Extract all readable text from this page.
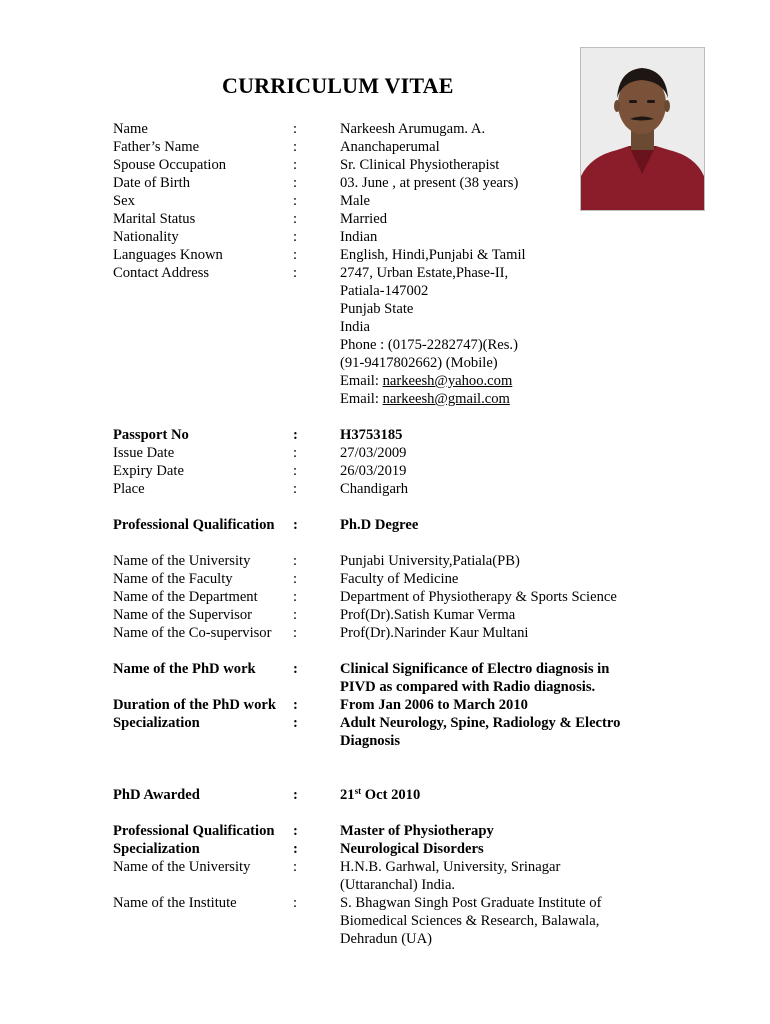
CURRICULUM VITAE
Name	:	Narkeesh Arumugam. A.
Father’s Name	:	Ananchaperumal
Spouse Occupation	:	Sr. Clinical Physiotherapist
Date of Birth	:	03. June , at present (38 years)
Sex	:	Male
Marital Status	:	Married
Nationality	:	Indian
Languages Known	:	English, Hindi,Punjabi & Tamil
Contact Address	:	2747, Urban Estate,Phase-II,
Patiala-147002
Punjab State
India
Phone : (0175-2282747)(Res.)
(91-9417802662) (Mobile)
Email: narkeesh@yahoo.com
Email: narkeesh@gmail.com
Passport No	:	H3753185
Issue Date	:	27/03/2009
Expiry Date	:	26/03/2019
Place	:	Chandigarh
Professional Qualification :	Ph.D Degree
Name of the University	:	Punjabi University,Patiala(PB)
Name of the Faculty	:	Faculty of Medicine
Name of the Department :	Department of Physiotherapy & Sports Science
Name of the Supervisor	:	Prof(Dr).Satish Kumar Verma
Name of the Co-supervisor :	Prof(Dr).Narinder Kaur Multani
Name of the PhD work	:	Clinical Significance of Electro diagnosis in
PIVD as compared with Radio diagnosis.
Duration of the PhD work :	From Jan 2006 to March 2010
Specialization	:	Adult Neurology, Spine, Radiology & Electro
Diagnosis
PhD Awarded	:	21st Oct 2010
Professional Qualification :	Master of Physiotherapy
Specialization	:	Neurological Disorders
Name of the University	:	H.N.B. Garhwal, University, Srinagar
(Uttaranchal) India.
Name of the Institute	:	S. Bhagwan Singh Post Graduate Institute of
Biomedical Sciences & Research, Balawala,
Dehradun (UA)
